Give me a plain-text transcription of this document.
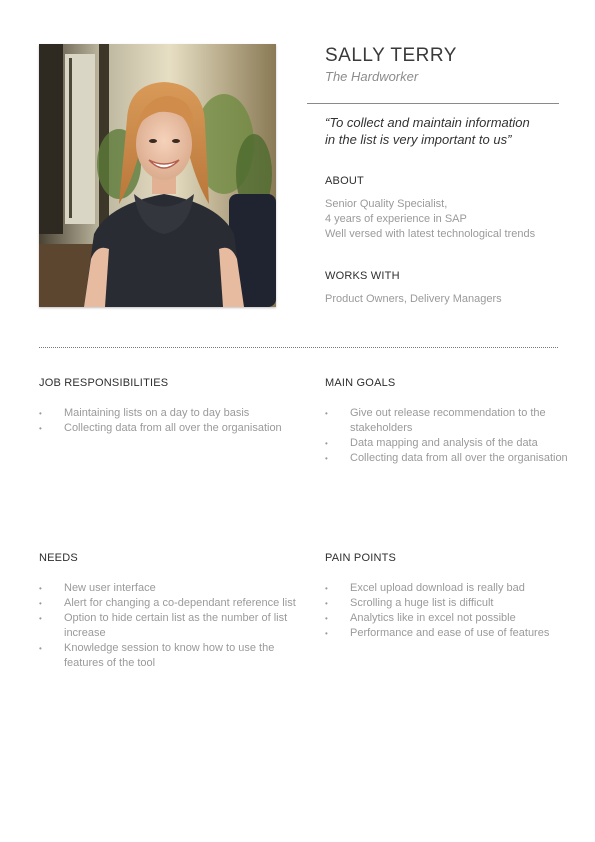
SALLY TERRY
The Hardworker
“To collect and maintain information
in the list is very important to us”
ABOUT
Senior Quality Specialist,
4 years of experience in SAP
Well versed with latest technological trends
WORKS WITH
Product Owners, Delivery Managers
JOB RESPONSIBILITIES
• Maintaining lists on a day to day basis
• Collecting data from all over the organisation
MAIN GOALS
• Give out release recommendation to the stakeholders
• Data mapping and analysis of the data
• Collecting data from all over the organisation
NEEDS
• New user interface
• Alert for changing a co-dependant reference list
• Option to hide certain list as the number of list increase
• Knowledge session to know how to use the features of the tool
PAIN POINTS
• Excel upload download is really bad
• Scrolling a huge list is difficult
• Analytics like in excel not possible
• Performance and ease of use of features
